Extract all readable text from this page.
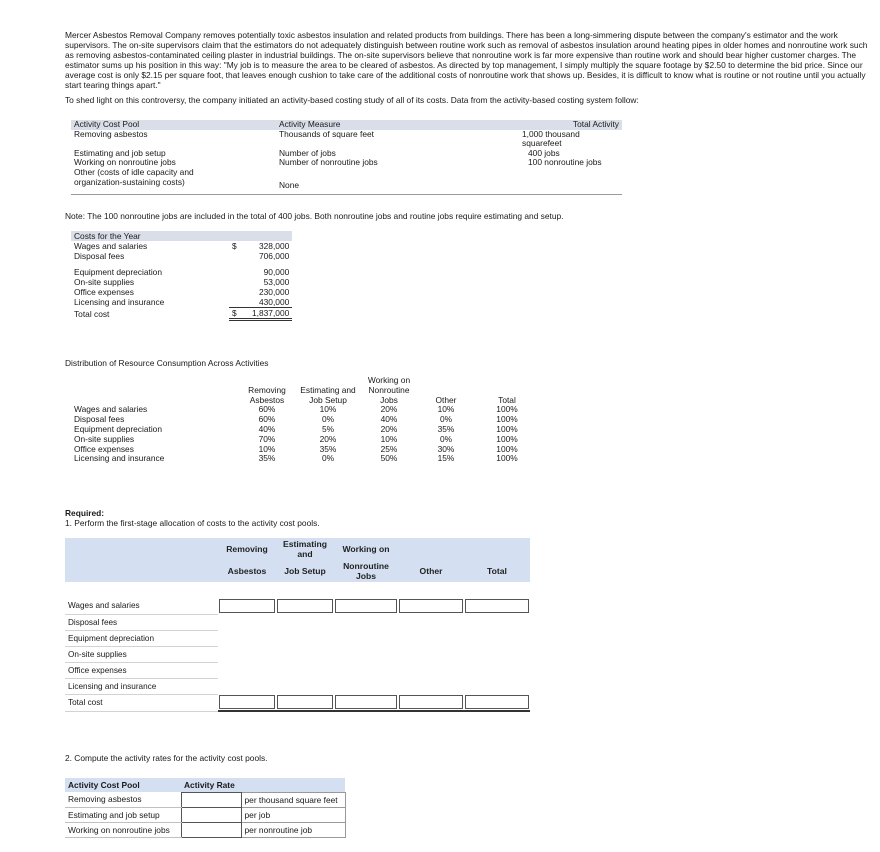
Mercer Asbestos Removal Company removes potentially toxic asbestos insulation and related products from buildings. There has been a long-simmering dispute between the company's estimator and the work supervisors. The on-site supervisors claim that the estimators do not adequately distinguish between routine work such as removal of asbestos insulation around heating pipes in older homes and nonroutine work such as removing asbestos-contaminated ceiling plaster in industrial buildings. The on-site supervisors believe that nonroutine work is far more expensive than routine work and should bear higher customer charges. The estimator sums up his position in this way: "My job is to measure the area to be cleared of asbestos. As directed by top management, I simply multiply the square footage by $2.50 to determine the bid price. Since our average cost is only $2.15 per square foot, that leaves enough cushion to take care of the additional costs of nonroutine work that shows up. Besides, it is difficult to know what is routine or not routine until you actually start tearing things apart."

To shed light on this controversy, the company initiated an activity-based costing study of all of its costs. Data from the activity-based costing system follow:

Activity Cost Pool	Activity Measure	Total Activity
Removing asbestos	Thousands of square feet	1,000 thousand squarefeet
Estimating and job setup	Number of jobs	400 jobs
Working on nonroutine jobs	Number of nonroutine jobs	100 nonroutine jobs
Other (costs of idle capacity and		
organization-sustaining costs)	None	
Note: The 100 nonroutine jobs are included in the total of 400 jobs. Both nonroutine jobs and routine jobs require estimating and setup.
Costs for the Year		
Wages and salaries	$	328,000
Disposal fees		706,000

Equipment depreciation		90,000
On-site supplies		53,000
Office expenses		230,000
Licensing and insurance		430,000
Total cost	$	1,837,000
Distribution of Resource Consumption Across Activities
			Working on		
	Removing	Estimating and	Nonroutine		
	Asbestos	Job Setup	Jobs	Other	Total
Wages and salaries	60%	10%	20%	10%	100%
Disposal fees	60%	0%	40%	0%	100%
Equipment depreciation	40%	5%	20%	35%	100%
On-site supplies	70%	20%	10%	0%	100%
Office expenses	10%	35%	25%	30%	100%
Licensing and insurance	35%	0%	50%	15%	100%
Required:
1. Perform the first-stage allocation of costs to the activity cost pools.
	Removing	Estimating and	Working on		
	Asbestos	Job Setup	Nonroutine Jobs	Other	Total

Wages and salaries	

Disposal fees					
Equipment depreciation					
On-site supplies					
Office expenses					
Licensing and insurance					
Total cost	

2. Compute the activity rates for the activity cost pools.
Activity Cost Pool	Activity Rate	
Removing asbestos		per thousand square feet
Estimating and job setup		per job
Working on nonroutine jobs		per nonroutine job
